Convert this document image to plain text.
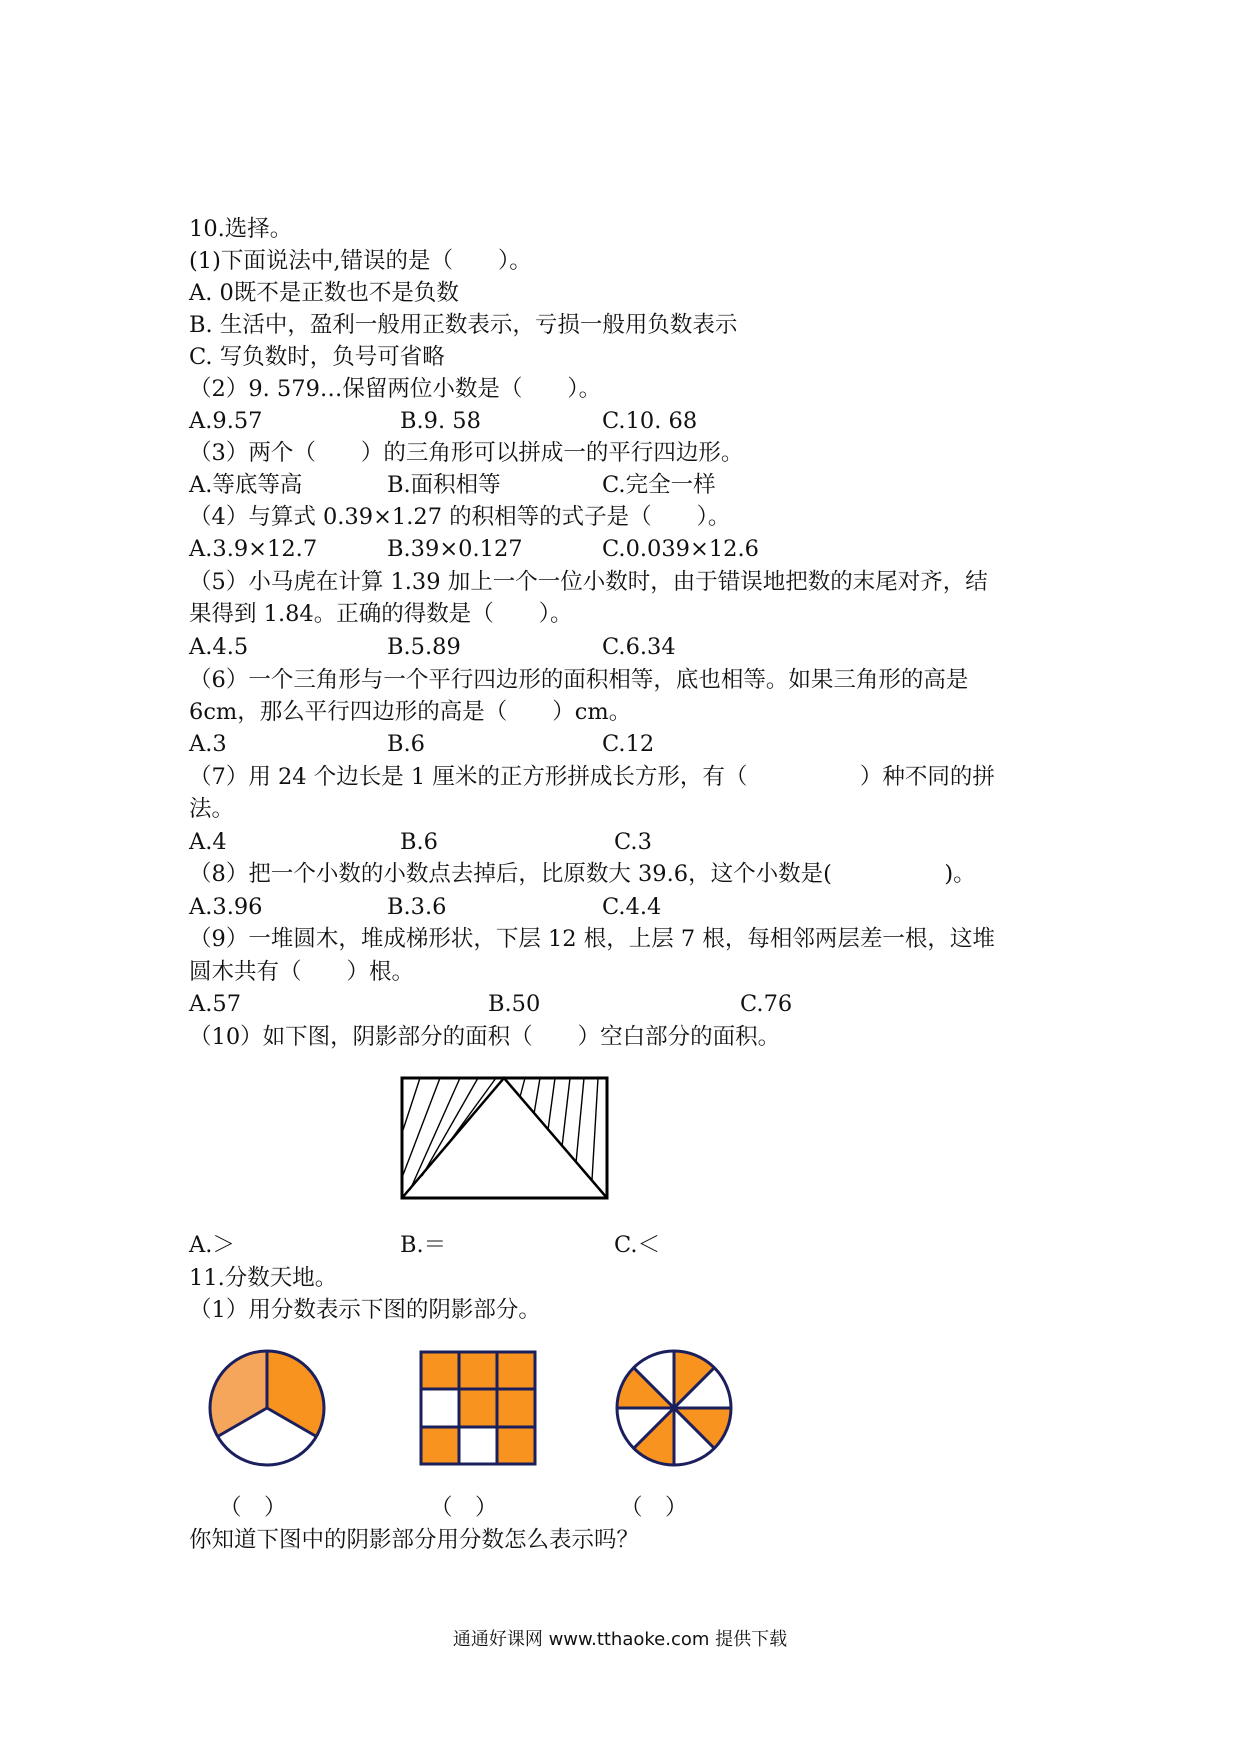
10.选择。
(1)下面说法中,错误的是（　　）。
A. 0既不是正数也不是负数
B. 生活中，盈利一般用正数表示，亏损一般用负数表示
C. 写负数时，负号可省略
（2）9. 579…保留两位小数是（　　）。
A.9.57	B.9. 58	C.10. 68
（3）两个（　　）的三角形可以拼成一的平行四边形。
A.等底等高	B.面积相等	C.完全一样
（4）与算式 0.39×1.27 的积相等的式子是（　　）。
A.3.9×12.7	B.39×0.127	C.0.039×12.6
（5）小马虎在计算 1.39 加上一个一位小数时，由于错误地把数的末尾对齐，结
果得到 1.84。正确的得数是（　　）。
A.4.5	B.5.89	C.6.34
（6）一个三角形与一个平行四边形的面积相等，底也相等。如果三角形的高是
6cm，那么平行四边形的高是（　　）cm。
A.3	B.6	C.12
（7）用 24 个边长是 1 厘米的正方形拼成长方形，有（　　　　　）种不同的拼
法。
A.4	B.6	C.3
（8）把一个小数的小数点去掉后，比原数大 39.6，这个小数是(　　　　　)。
A.3.96	B.3.6	C.4.4
（9）一堆圆木，堆成梯形状，下层 12 根，上层 7 根，每相邻两层差一根，这堆
圆木共有（　　）根。
A.57	B.50	C.76
（10）如下图，阴影部分的面积（　　）空白部分的面积。
A.＞	B.＝	C.＜
11.分数天地。
（1）用分数表示下图的阴影部分。
（　）	（　）	（　）
你知道下图中的阴影部分用分数怎么表示吗？
通通好课网 www.tthaoke.com 提供下载
